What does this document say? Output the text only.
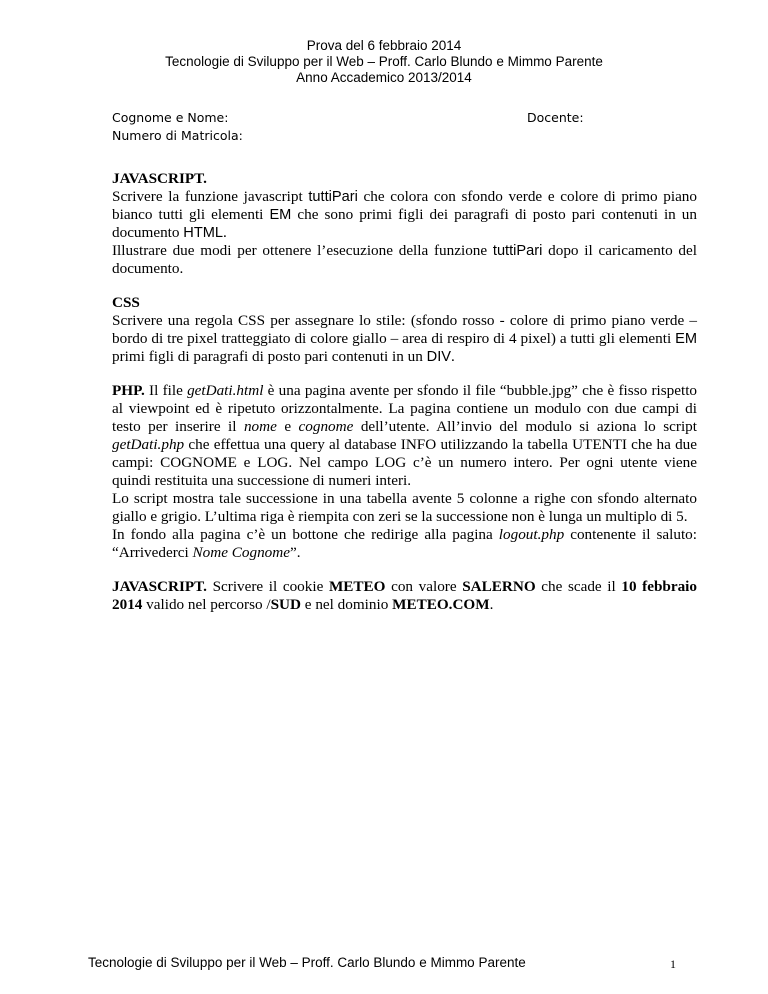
Prova del 6 febbraio 2014
Tecnologie di Sviluppo per il Web – Proff. Carlo Blundo e Mimmo Parente
Anno Accademico 2013/2014
Cognome e Nome:
Numero di Matricola:
Docente:

JAVASCRIPT.
Scrivere la funzione javascript tuttiPari che colora con sfondo verde e colore di primo piano bianco tutti gli elementi EM che sono primi figli dei paragrafi di posto pari contenuti in un documento HTML.
Illustrare due modi per ottenere l’esecuzione della funzione tuttiPari dopo il caricamento del documento.

CSS
Scrivere una regola CSS per assegnare lo stile: (sfondo rosso - colore di primo piano verde – bordo di tre pixel tratteggiato di colore giallo – area di respiro di 4 pixel) a tutti gli elementi EM primi figli di paragrafi di posto pari contenuti in un DIV.

PHP. Il file getDati.html è una pagina avente per sfondo il file “bubble.jpg” che è fisso rispetto al viewpoint ed è ripetuto orizzontalmente. La pagina contiene un modulo con due campi di testo per inserire il nome e cognome dell’utente. All’invio del modulo si aziona lo script getDati.php che effettua una query al database INFO utilizzando la tabella UTENTI che ha due campi: COGNOME e LOG. Nel campo LOG c’è un numero intero. Per ogni utente viene quindi restituita una successione di numeri interi.
Lo script mostra tale successione in una tabella avente 5 colonne a righe con sfondo alternato giallo e grigio. L’ultima riga è riempita con zeri se la successione non è lunga un multiplo di 5.
In fondo alla pagina c’è un bottone che redirige alla pagina logout.php contenente il saluto: “Arrivederci Nome Cognome”.

JAVASCRIPT. Scrivere il cookie METEO con valore SALERNO che scade il 10 febbraio 2014 valido nel percorso /SUD e nel dominio METEO.COM.

Tecnologie di Sviluppo per il Web – Proff. Carlo Blundo e Mimmo Parente	1
